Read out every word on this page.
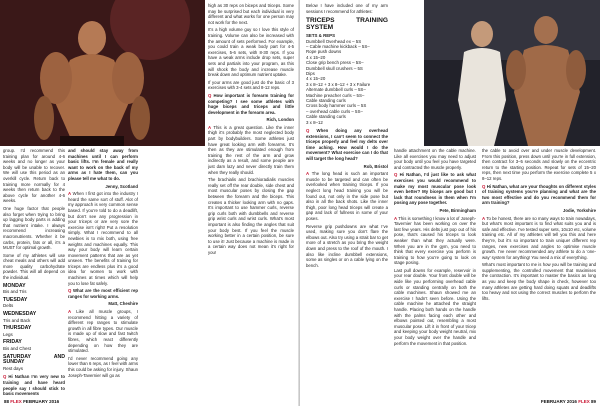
group. I’d recommend this training plan for around 4-6 weeks and no longer as your body will be unable to recover. We will use this period as an overkill cycle. Return back to training more normally for 4 weeks then return back to the above cycle for another 4-6 weeks.

One huge factor that people also forget when trying to bring up lagging body parts is adding that nutrient intake. I always recommend increasing macronutrients. Whether it be carbs, protein, fats or all, it’s a MUST for optimal growth.

Some of my athletes will use cheat meals and others will add more quality carbohydrate powder. This will all depend on the individual.

MONDAY
Bis and Tris
TUESDAY
Delts
WEDNESDAY
Tris and Back
THURSDAY
Legs
FRIDAY
Bis and Chest
SATURDAY AND SUNDAY
Rest days

Q Hi Nathan I’m very new to training and have heard people say I should stick to basic movements

and should stay away from machines until I can perform basic lifts. I’m female and really want to work on the back of my arms as I hate them, can you please tell me what to do.

Jenny, Scotland

A When I first got into the industry I heard the same sort of stuff. Alot of my approach is very common sense based. If you’re told to do a deadlift, but don’t see any progression in your triceps or are very sore the exercise isn’t right! Put a resolution simply. What I recommend to all newbies is to mix both, using free weights and machines equally. This way your body will learn certain movement patterns that are as yet unseen. The benefits of training for triceps are endless plus it’s a good idea for women to work with machines at times which will help you to lose fat safely.

Q What are the most efficient rep ranges for working arms.

Matt, Cheshire

A Like all muscle groups, I recommend hitting a variety of different rep ranges to stimulate growth in all fibre types. Our muscle is made up of slow and fast twitch fibres, which react differently depending on how they are stimulated.

I’d never recommend going any lower than 6 reps, as I feel with arms this could be asking for injury. Shaun Joseph-Tavernier will go as

high as 30 reps on biceps and triceps. Some may be surprised but each individual is very different and what works for one person may not work for the next.

It’s a high volume guy so I love this style of training. Volume can also be increased with the amount of sets performed. For example, you could train a weak body part for 4-5 exercises, 5-6 sets, with 8-30 reps. If you have a weak arms include drop sets, super sets and partials into your program, as this will shock the body and increase muscle break down and optimum nutrient uptake.

If your arms are good just do the basic of 3 exercises with 3-4 sets and 8-12 reps.

Q How important is forearm training for competing? I see some athletes with huge biceps and triceps and little development in the forearm area.

Rich, London

A This is a great question. Like the inner thigh it’s probably the most neglected body part by bodybuilders. Some athletes just have great looking arm with forearms. It’s then as they are stimulated enough from training the rest of the arm and grow indirectly as a result, and some people are just dam lazy and never directly train them when they really should.

The brachialis and brachioradialis muscles really set off the rear double, side chest and most muscular poses by closing the gap between the forearm and the biceps. This creates a thicker looking arm with no gaps. It’s important to use hammer curls, reverse grip curls both with dumbbells and reverse grip wrist curls and wrist curls. What’s most important is also finding the angles that suit your body best. If you feel the muscle working better in a certain position, be sure to use it! Just because a machine is made in a certain way does not mean it’s right for you!

88 FLEX FEBRUARY 2016

Below I have included one of my arm sessions I recommend for athletes:

TRICEPS TRAINING SYSTEM
SETS & REPS
Dumbbell Overhead ex – 5S
– Cable machine kickback – 5S–
Rope push downs
4 x 15–20
Close grip bench press – 5S–
Dumbbell skull crushers – 5S
Dips
4 x 15–20
3 x 8–12 + 3 x 8–12 + 3 x Failure
Alternate dumbbell curls – 5S–
Machine preacher curls – 5S–
Cable standing curls
Cross body hammer curls – 5S
– overhead cable curls – 5S–
Cable standing curls
3 x 8–12

Q When doing any overhead extensions, I can’t seem to connect the triceps properly and feel my delts over time aching. How would I do the movement? What exercise can I do that will target the long head?

Rob, Bristol

A The long head is such an important muscle to be targeted and can often be overlooked when training triceps. If you neglect long head training you will be found out, not only in the side pose but also in all the back shots. Like the inner thigh, poor long head triceps will create a gap and lack of fullness in some of your poses.

Reverse grip pushdowns are what I’ve used, making sure you don’t flare the elbows out. Also try using a strait bar to get more of a stretch as you bring the weight down and press to the roof of the mouth. I also like incline dumbbell extensions, some as singles or on a cable lying on the bench.

handle attachment on the cable machine. Like all exercises you may need to adjust your body until you feel you have targeted and contracted the muscle properly.

Q Hi Nathan, I’d just like to ask what exercises you would recommend to make my most muscular pose look even better? My biceps are good but I lack that roundness in them when I’m posing any pose together.

Pete, Birmingham

A This is something I know a lot of Joseph-Tavernier has been working on over the last few years. His delts just pop out of his pose, that’s caused his triceps to look weaker than what they actually were. When you are in the gym, you need to think that every exercise you perform is training to how you’re going to look on stage posing.

Last pull downs for example, reservoir in your rear double. Your front double will be wide like you performing overhead cable curls or standing centrally on both the cable machines. Shaun showed me an exercise I hadn’t seen before. Using the cable machine he attached the straight handle. Placing both hands on the handle with the palms facing each other and elbows pointed out, resembling a most muscular pose. Lift it in front of your tricep and keeping your body weight neutral, mix your body weight over the handle and perform the movement in that position.

the cable to avoid over and under muscle development. From this position, press down until you’re in full extension, then contract for 3–5 seconds and slowly on the eccentric return to the starting position. Repeat for sets of 15–20 reps, then next time you perform the exercise complete 5 x 8–12 reps.

Q Hi Nathan, what are your thoughts on different styles of training systems you’re planning and what are the two most effective and do you recommend them for arm training?

Jodie, Yorkshire

A To be honest, there are so many ways to train nowadays, but what’s most important is to find what suits you and is safe and effective. I’ve tested super sets, 10x10 etc, volume training etc. All of my athletes will tell you this and here they’re, but it’s so important to train unique! different rep ranges, new exercises and angles to optimise muscle growth. I’ve never recommended any athlete to do a ‘one-way’ system for anything! You need a mix of everything.

What’s most important to me is how you will be training and supplementing, the controlled movement that maximises the contraction. It’s important to master the basics as long as you and keep the body shape in check, however too many athletes are getting hard doing squats and deadlifts too heavy and not using the correct muscles to perform the lifts.

FEBRUARY 2016 FLEX 89
